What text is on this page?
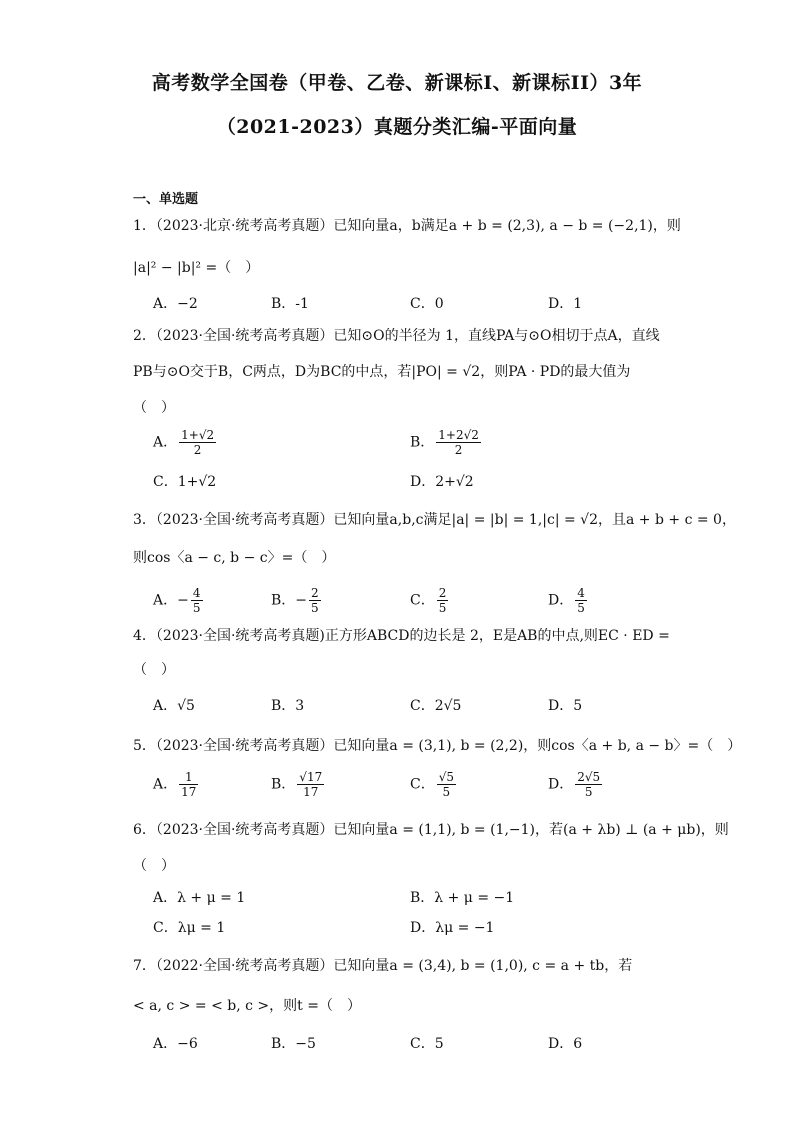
高考数学全国卷（甲卷、乙卷、新课标I、新课标II）3年
（2021-2023）真题分类汇编-平面向量
一、单选题
1．（2023·北京·统考高考真题）已知向量a，b满足a + b = (2,3), a − b = (−2,1)，则
|a|² − |b|² =（　）
A．−2	B．-1	C．0	D．1
2．（2023·全国·统考高考真题）已知⊙O的半径为 1，直线PA与⊙O相切于点A，直线
PB与⊙O交于B，C两点，D为BC的中点，若|PO| = √2，则PA · PD的最大值为
（　）
A． $\frac{1+√2}{2}$	B． $\frac{1+2√2}{2}$
C．1+√2	D．2+√2
3．（2023·全国·统考高考真题）已知向量a,b,c满足|a| = |b| = 1,|c| = √2，且a + b + c = 0，
则cos〈a − c, b − c〉=（　）
A．− $\frac{4}{5}$	B．− $\frac{2}{5}$	C． $\frac{2}{5}$	D． $\frac{4}{5}$
4．（2023·全国·统考高考真题)正方形ABCD的边长是 2，E是AB的中点,则EC · ED =
（　）
A．√5	B．3	C．2√5	D．5
5．（2023·全国·统考高考真题）已知向量a = (3,1), b = (2,2)，则cos〈a + b, a − b〉=（　）
A． $\frac{1}{17}$	B． $\frac{√17}{17}$	C． $\frac{√5}{5}$	D． $\frac{2√5}{5}$
6．（2023·全国·统考高考真题）已知向量a = (1,1), b = (1,−1)，若(a + λb) ⊥ (a + μb)，则
（　）
A．λ + μ = 1	B．λ + μ = −1
C．λμ = 1	D．λμ = −1
7．（2022·全国·统考高考真题）已知向量a = (3,4), b = (1,0), c = a + tb，若
< a, c > = < b, c >，则t =（　）
A．−6	B．−5	C．5	D．6
